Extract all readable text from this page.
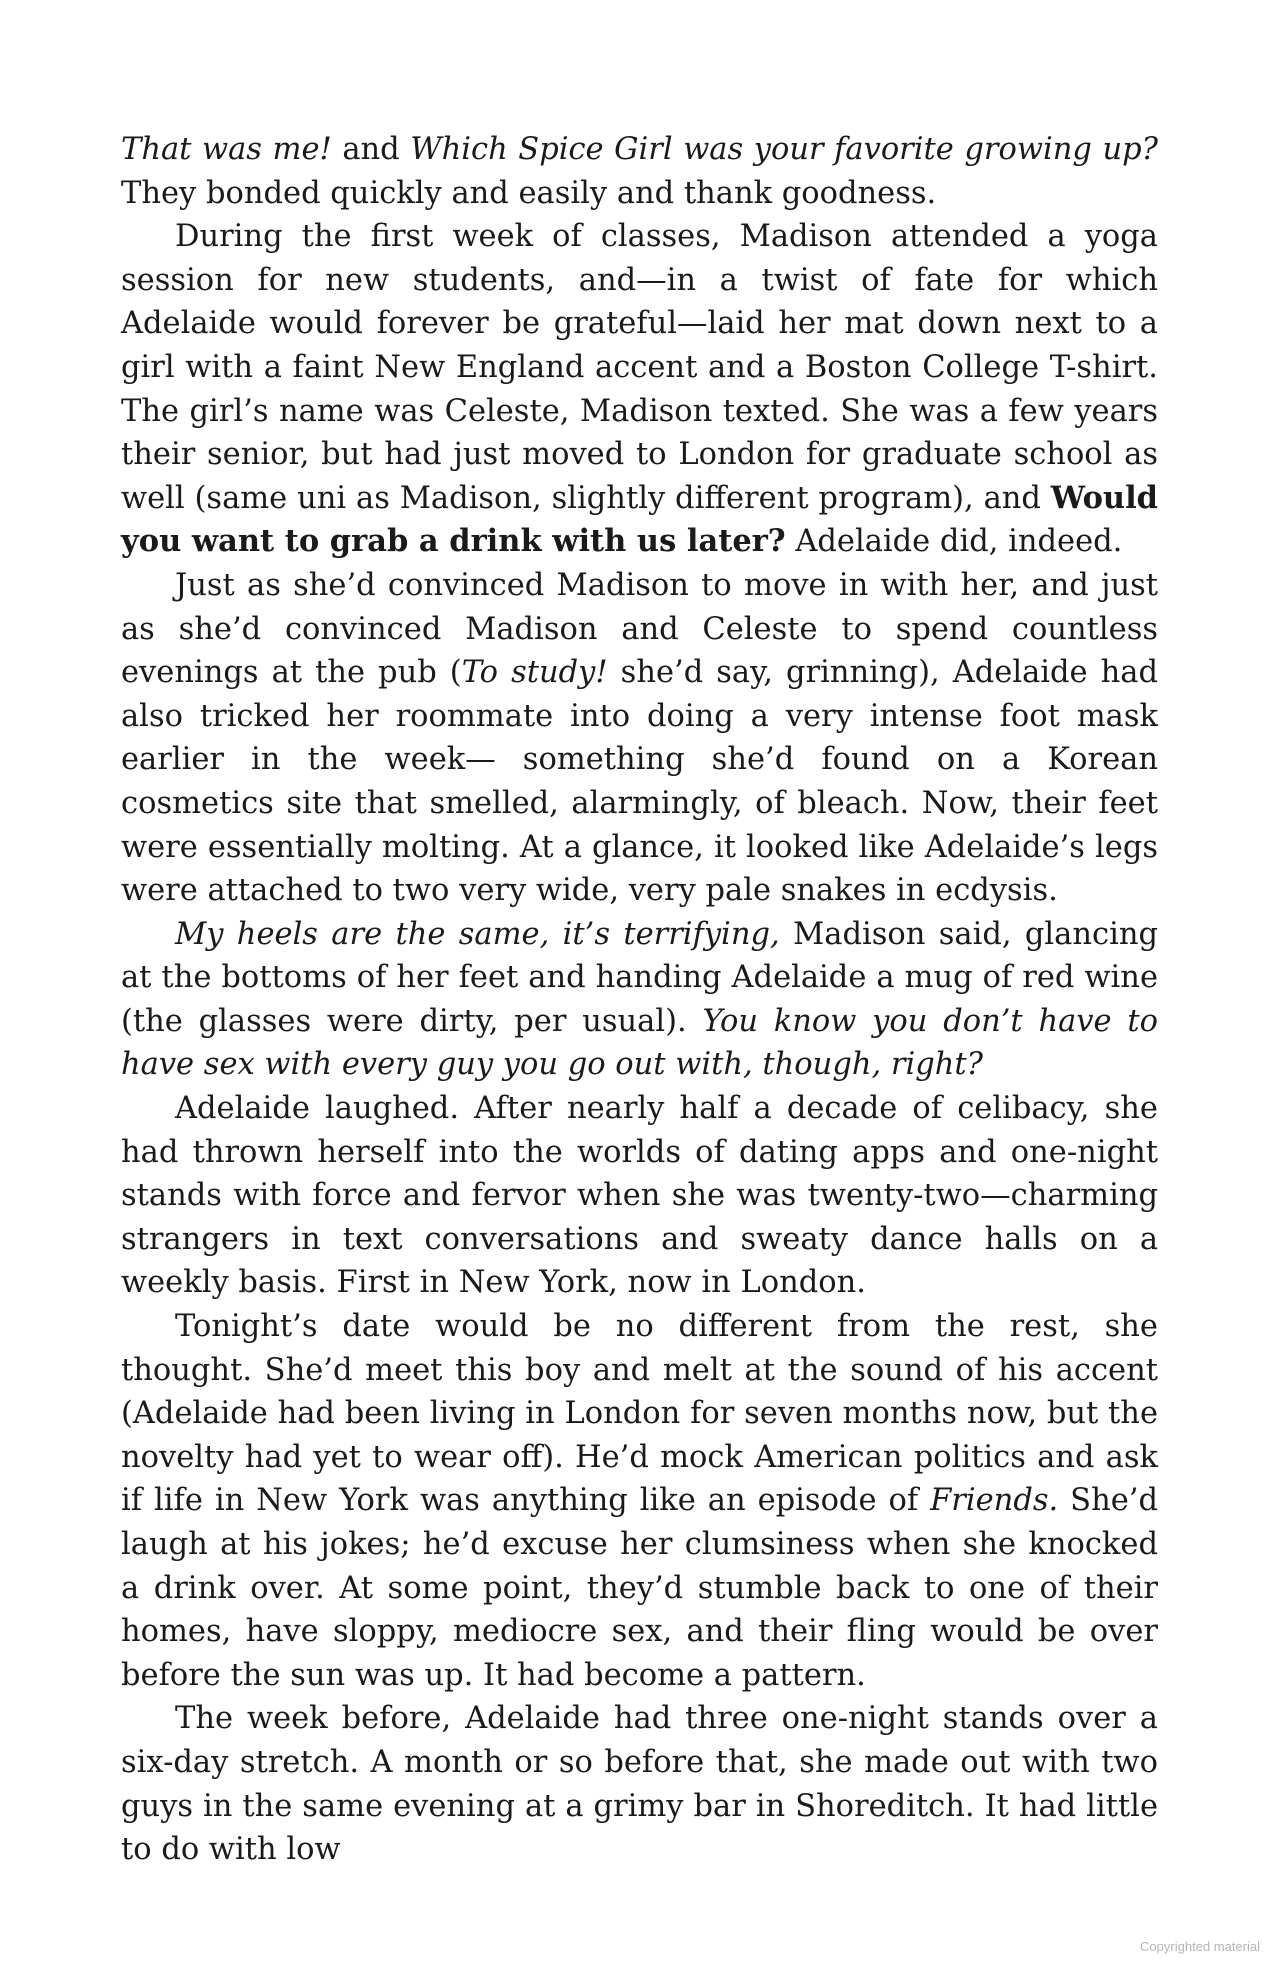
That was me! and Which Spice Girl was your favorite growing up? They bonded quickly and easily and thank goodness.

During the first week of classes, Madison attended a yoga session for new students, and—in a twist of fate for which Adelaide would forever be grateful—laid her mat down next to a girl with a faint New England accent and a Boston College T-shirt. The girl’s name was Celeste, Madison texted. She was a few years their senior, but had just moved to London for graduate school as well (same uni as Madison, slightly different program), and Would you want to grab a drink with us later? Adelaide did, indeed.

Just as she’d convinced Madison to move in with her, and just as she’d convinced Madison and Celeste to spend countless evenings at the pub (To study! she’d say, grinning), Adelaide had also tricked her roommate into doing a very intense foot mask earlier in the week— something she’d found on a Korean cosmetics site that smelled, alarmingly, of bleach. Now, their feet were essentially molting. At a glance, it looked like Adelaide’s legs were attached to two very wide, very pale snakes in ecdysis.

My heels are the same, it’s terrifying, Madison said, glancing at the bottoms of her feet and handing Adelaide a mug of red wine (the glasses were dirty, per usual). You know you don’t have to have sex with every guy you go out with, though, right?

Adelaide laughed. After nearly half a decade of celibacy, she had thrown herself into the worlds of dating apps and one-night stands with force and fervor when she was twenty-two—charming strangers in text conversations and sweaty dance halls on a weekly basis. First in New York, now in London.

Tonight’s date would be no different from the rest, she thought. She’d meet this boy and melt at the sound of his accent (Adelaide had been living in London for seven months now, but the novelty had yet to wear off). He’d mock American politics and ask if life in New York was anything like an episode of Friends. She’d laugh at his jokes; he’d excuse her clumsiness when she knocked a drink over. At some point, they’d stumble back to one of their homes, have sloppy, mediocre sex, and their fling would be over before the sun was up. It had become a pattern.

The week before, Adelaide had three one-night stands over a six-day stretch. A month or so before that, she made out with two guys in the same evening at a grimy bar in Shoreditch. It had little to do with low

Copyrighted material
